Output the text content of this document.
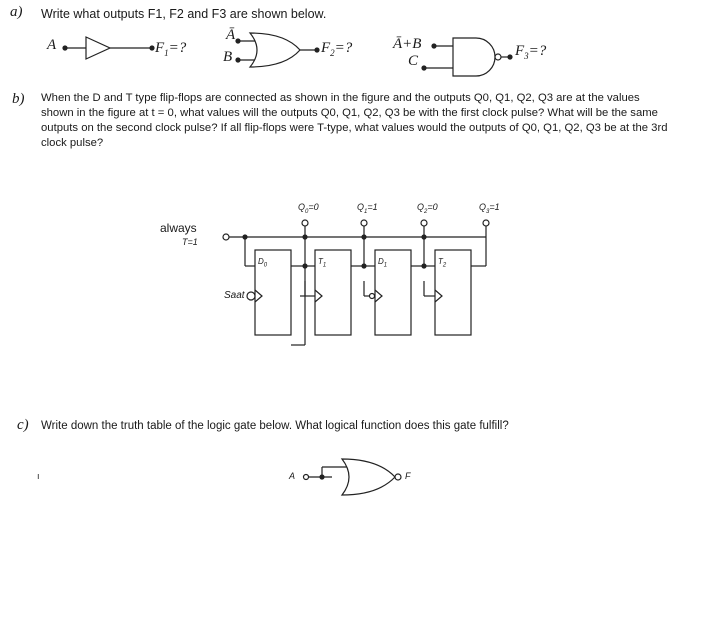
a) Write what outputs F1, F2 and F3 are shown below.
A	$F_1=$?
Ā
B
$F_2=$?	Ā+B
C
$F_3=$?
b) When the D and T type flip-flops are connected as shown in the figure and the outputs Q0, Q1, Q2, Q3 are at the values shown in the figure at t = 0, what values will the outputs Q0, Q1, Q2, Q3 be with the first clock pulse? What will be the same outputs on the second clock pulse? If all flip-flops were T-type, what values would the outputs of Q0, Q1, Q2, Q3 be at the 3rd clock pulse?
always
T=1
Saat
$Q_0=0$	$Q_1=1$	$Q_2=0$	$Q_3=1$
$D_0$	$T_1$	$D_1$	$T_2$
c) Write down the truth table of the logic gate below. What logical function does this gate fulfill?
ı	A	F
